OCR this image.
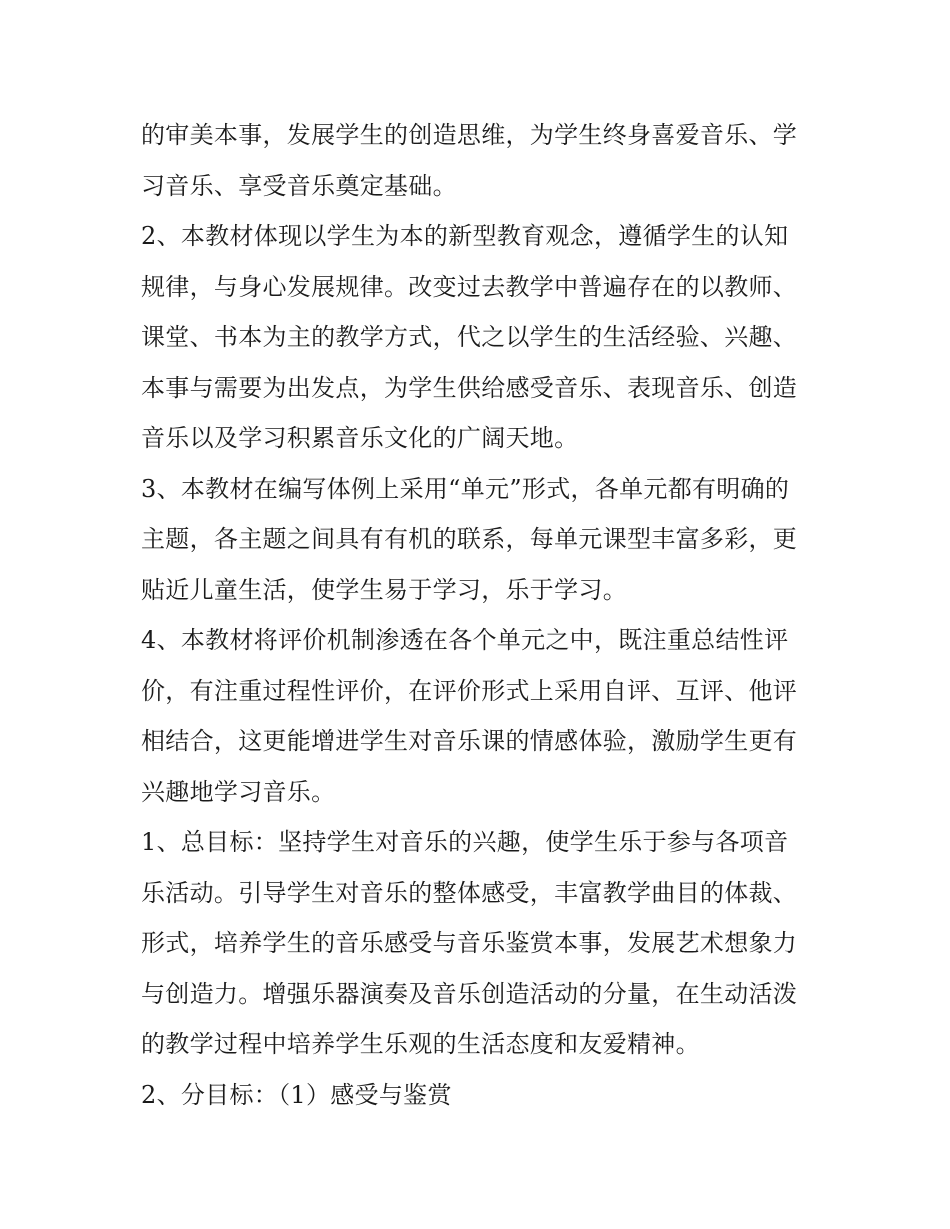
的审美本事，发展学生的创造思维，为学生终身喜爱音乐、学
习音乐、享受音乐奠定基础。
2、本教材体现以学生为本的新型教育观念，遵循学生的认知
规律，与身心发展规律。改变过去教学中普遍存在的以教师、
课堂、书本为主的教学方式，代之以学生的生活经验、兴趣、
本事与需要为出发点，为学生供给感受音乐、表现音乐、创造
音乐以及学习积累音乐文化的广阔天地。
3、本教材在编写体例上采用“单元”形式，各单元都有明确的
主题，各主题之间具有有机的联系，每单元课型丰富多彩，更
贴近儿童生活，使学生易于学习，乐于学习。
4、本教材将评价机制渗透在各个单元之中，既注重总结性评
价，有注重过程性评价，在评价形式上采用自评、互评、他评
相结合，这更能增进学生对音乐课的情感体验，激励学生更有
兴趣地学习音乐。
1、总目标：坚持学生对音乐的兴趣，使学生乐于参与各项音
乐活动。引导学生对音乐的整体感受，丰富教学曲目的体裁、
形式，培养学生的音乐感受与音乐鉴赏本事，发展艺术想象力
与创造力。增强乐器演奏及音乐创造活动的分量，在生动活泼
的教学过程中培养学生乐观的生活态度和友爱精神。
2、分目标：（1）感受与鉴赏
